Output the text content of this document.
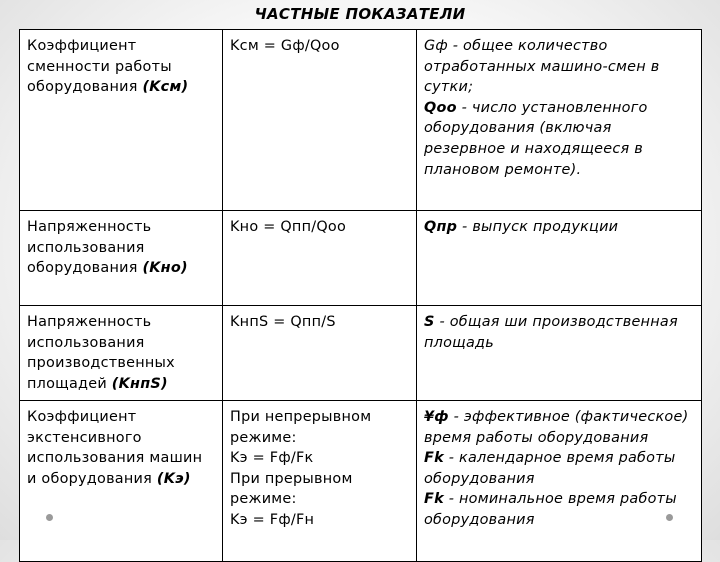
ЧАСТНЫЕ ПОКАЗАТЕЛИ
Коэффициент сменности работы оборудования (Kсм)	Kсм = Gф/Qoo	Gф - общее количество отработанных машино-смен в сутки;
Qoo - число установленного оборудования (включая резервное и находящееся в плановом ремонте).

Напряженность использования оборудования (Kно)	Kно = Qпп/Qoo	Qпр - выпуск продукции
Напряженность использования производственных площадей (KнпS)	KнпS = Qпп/S	S - общая ши производственная площадь
Коэффициент экстенсивного использования машин и оборудования (Kэ)	При непрерывном режиме:
Kэ = Fф/Fк
При прерывном режиме:
Kэ = Fф/Fн	¥ф - эффективное (фактическое) время работы оборудования
Fk - календарное время работы оборудования
Fk - номинальное время работы оборудования
